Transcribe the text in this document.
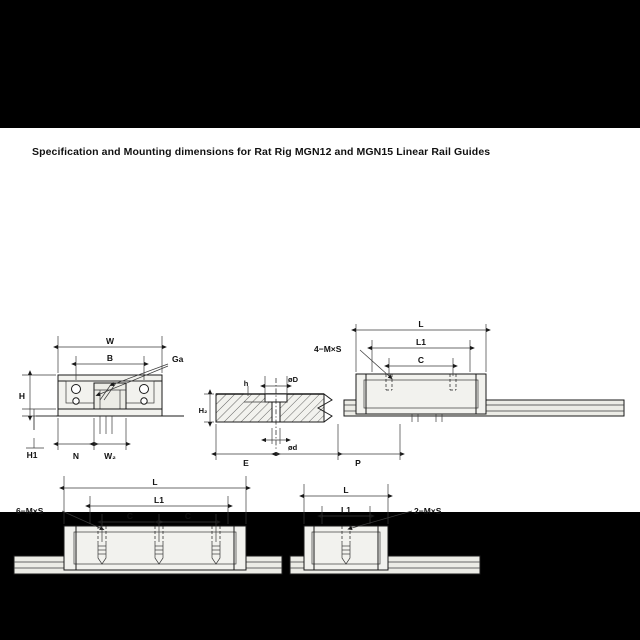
Specification and Mounting dimensions for Rat Rig MGN12 and MGN15 Linear Rail Guides
W
B	Ga
H
H1	N	W₂
h	øD
H₂
E
ød
P
4−M×S
L
L1
C
6−M×S
L
L1
C	C	2−M×S
L
L1
